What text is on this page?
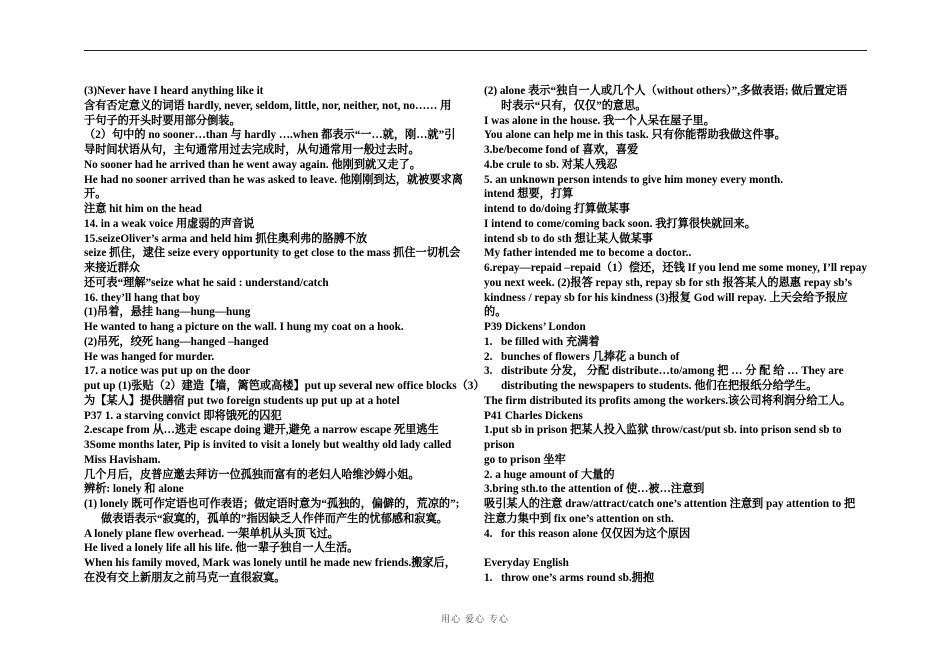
(3)Never have I heard anything like it
含有否定意义的词语 hardly, never, seldom, little, nor, neither, not, no…… 用
于句子的开头时要用部分倒装。
（2）句中的 no sooner…than 与 hardly ….when 都表示“一…就，刚…就”引
导时间状语从句，主句通常用过去完成时，从句通常用一般过去时。
No sooner had he arrived than he went away again. 他刚到就又走了。
He had no sooner arrived than he was asked to leave. 他刚刚到达，就被要求离
开。
注意 hit him on the head
14. in a weak voice 用虚弱的声音说
15.seizeOliver’s arma and held him 抓住奥利弗的胳膊不放
seize 抓住，逮住 seize every opportunity to get close to the mass 抓住一切机会
来接近群众
还可表“理解”seize what he said : understand/catch
16. they’ll hang that boy
(1)吊着，悬挂 hang—hung—hung
He wanted to hang a picture on the wall. I hung my coat on a hook.
(2)吊死，绞死 hang—hanged –hanged
He was hanged for murder.
17. a notice was put up on the door
put up (1)张贴（2）建造【墙，篱笆或高楼】put up several new office blocks（3）
为【某人】提供膳宿 put two foreign students up put up at a hotel
P37 1. a starving convict 即将饿死的囚犯
2.escape from 从…逃走 escape doing 避开,避免 a narrow escape 死里逃生
3Some months later, Pip is invited to visit a lonely but wealthy old lady called
Miss Havisham.
几个月后，皮普应邀去拜访一位孤独而富有的老妇人哈维沙姆小姐。
辨析: lonely 和 alone
(1) lonely 既可作定语也可作表语；做定语时意为“孤独的，偏僻的，荒凉的”;
做表语表示“寂寞的，孤单的”指因缺乏人作伴而产生的忧郁感和寂寞。
A lonely plane flew overhead. 一架单机从头顶飞过。
He lived a lonely life all his life. 他一辈子独自一人生活。
When his family moved, Mark was lonely until he made new friends.搬家后，
在没有交上新朋友之前马克一直很寂寞。
(2) alone 表示“独自一人或几个人（without others）”,多做表语; 做后置定语
时表示“只有，仅仅”的意思。
I was alone in the house. 我一个人呆在屋子里。
You alone can help me in this task. 只有你能帮助我做这件事。
3.be/become fond of 喜欢，喜爱
4.be crule to sb. 对某人残忍
5. an unknown person intends to give him money every month.
intend 想要，打算
intend to do/doing 打算做某事
I intend to come/coming back soon. 我打算很快就回来。
intend sb to do sth 想让某人做某事
My father intended me to become a doctor..
6.repay—repaid –repaid（1）偿还，还钱 If you lend me some money, I’ll repay
you next week. (2)报答 repay sth, repay sb for sth 报答某人的恩惠 repay sb’s
kindness / repay sb for his kindness (3)报复 God will repay. 上天会给予报应
的。
P39 Dickens’ London
1. be filled with 充满着
2. bunches of flowers 几捧花 a bunch of
3. distribute 分发， 分配 distribute…to/among 把 … 分 配 给 … They are
distributing the newspapers to students. 他们在把报纸分给学生。
The firm distributed its profits among the workers.该公司将利润分给工人。
P41 Charles Dickens
1.put sb in prison 把某人投入监狱 throw/cast/put sb. into prison send sb to
prison
go to prison 坐牢
2. a huge amount of 大量的
3.bring sth.to the attention of 使…被…注意到
吸引某人的注意 draw/attract/catch one’s attention 注意到 pay attention to 把
注意力集中到 fix one’s attention on sth.
4. for this reason alone 仅仅因为这个原因
Everyday English
1. throw one’s arms round sb.拥抱
用心 爱心 专心
